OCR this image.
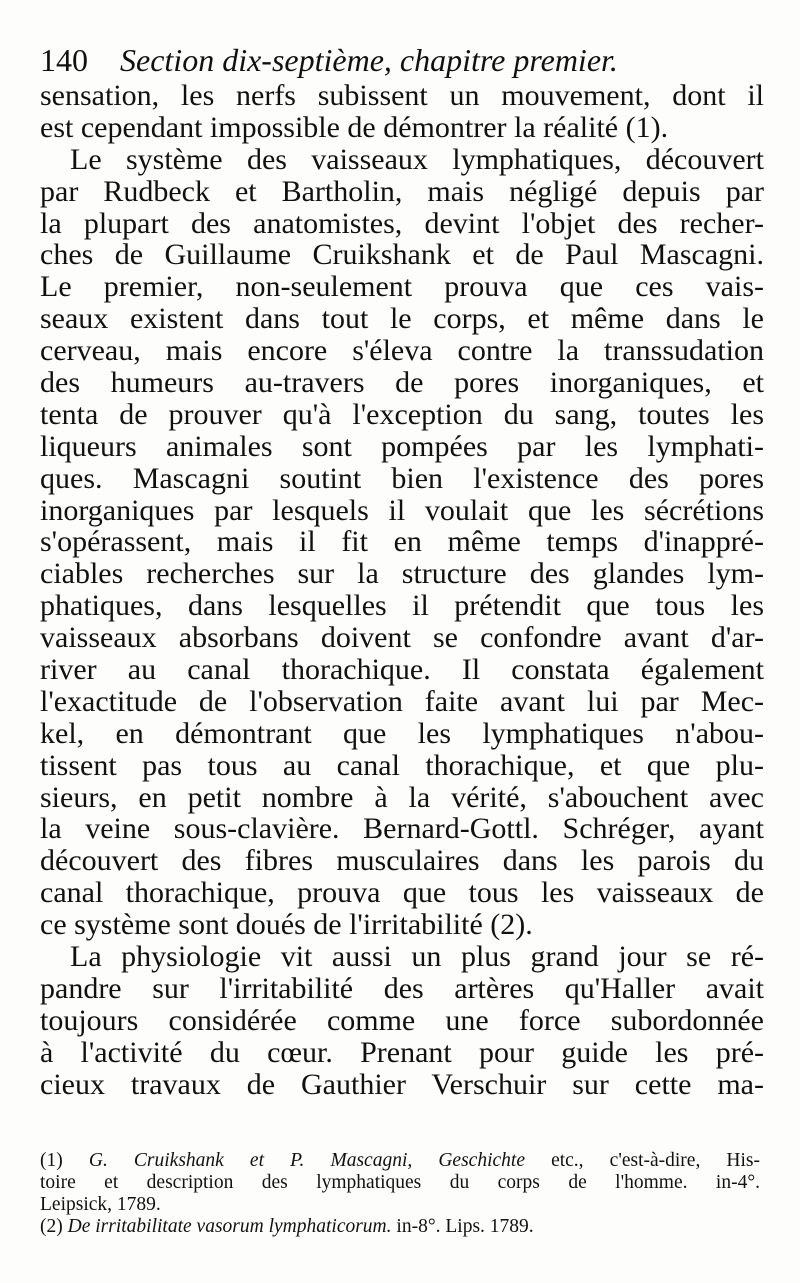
140 Section dix-septième, chapitre premier.
sensation, les nerfs subissent un mouvement, dont il
est cependant impossible de démontrer la réalité (1).
Le système des vaisseaux lymphatiques, découvert
par Rudbeck et Bartholin, mais négligé depuis par
la plupart des anatomistes, devint l'objet des recher-
ches de Guillaume Cruikshank et de Paul Mascagni.
Le premier, non-seulement prouva que ces vais-
seaux existent dans tout le corps, et même dans le
cerveau, mais encore s'éleva contre la transsudation
des humeurs au-travers de pores inorganiques, et
tenta de prouver qu'à l'exception du sang, toutes les
liqueurs animales sont pompées par les lymphati-
ques. Mascagni soutint bien l'existence des pores
inorganiques par lesquels il voulait que les sécrétions
s'opérassent, mais il fit en même temps d'inappré-
ciables recherches sur la structure des glandes lym-
phatiques, dans lesquelles il prétendit que tous les
vaisseaux absorbans doivent se confondre avant d'ar-
river au canal thorachique. Il constata également
l'exactitude de l'observation faite avant lui par Mec-
kel, en démontrant que les lymphatiques n'abou-
tissent pas tous au canal thorachique, et que plu-
sieurs, en petit nombre à la vérité, s'abouchent avec
la veine sous-clavière. Bernard-Gottl. Schréger, ayant
découvert des fibres musculaires dans les parois du
canal thorachique, prouva que tous les vaisseaux de
ce système sont doués de l'irritabilité (2).
La physiologie vit aussi un plus grand jour se ré-
pandre sur l'irritabilité des artères qu'Haller avait
toujours considérée comme une force subordonnée
à l'activité du cœur. Prenant pour guide les pré-
cieux travaux de Gauthier Verschuir sur cette ma-
(1) G. Cruikshank et P. Mascagni, Geschichte etc., c'est-à-dire, His-
toire et description des lymphatiques du corps de l'homme. in-4°.
Leipsick, 1789.
(2) De irritabilitate vasorum lymphaticorum. in-8°. Lips. 1789.
